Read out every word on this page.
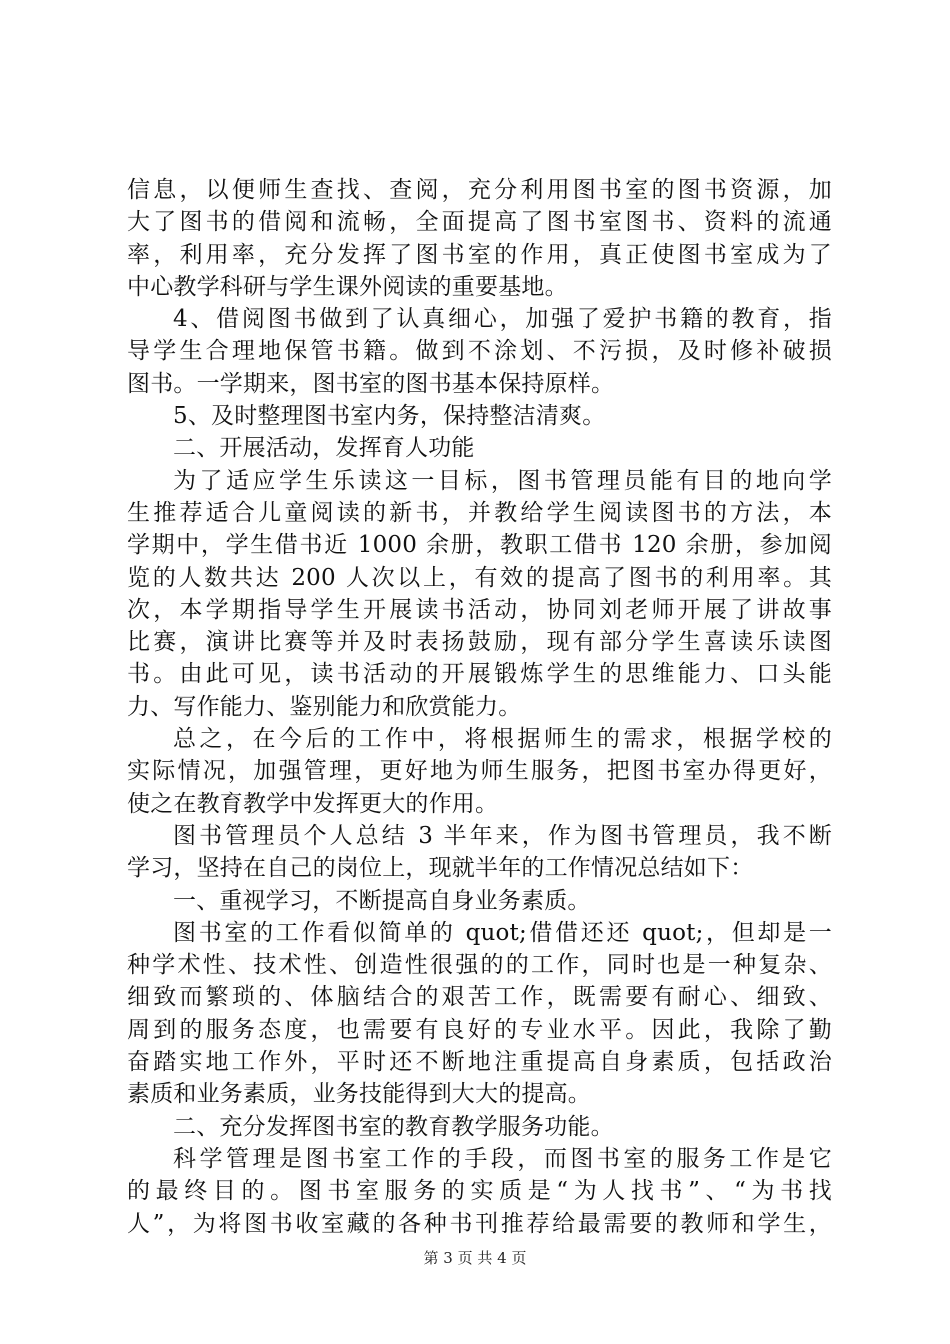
信息，以便师生查找、查阅，充分利用图书室的图书资源，加
大了图书的借阅和流畅，全面提高了图书室图书、资料的流通
率，利用率，充分发挥了图书室的作用，真正使图书室成为了
中心教学科研与学生课外阅读的重要基地。
4、借阅图书做到了认真细心，加强了爱护书籍的教育，指
导学生合理地保管书籍。做到不涂划、不污损，及时修补破损
图书。一学期来，图书室的图书基本保持原样。
5、及时整理图书室内务，保持整洁清爽。
二、开展活动，发挥育人功能
为了适应学生乐读这一目标，图书管理员能有目的地向学
生推荐适合儿童阅读的新书，并教给学生阅读图书的方法，本
学期中，学生借书近 1000 余册，教职工借书 120 余册，参加阅
览的人数共达 200 人次以上，有效的提高了图书的利用率。其
次，本学期指导学生开展读书活动，协同刘老师开展了讲故事
比赛，演讲比赛等并及时表扬鼓励，现有部分学生喜读乐读图
书。由此可见，读书活动的开展锻炼学生的思维能力、口头能
力、写作能力、鉴别能力和欣赏能力。
总之，在今后的工作中，将根据师生的需求，根据学校的
实际情况，加强管理，更好地为师生服务，把图书室办得更好，
使之在教育教学中发挥更大的作用。
图书管理员个人总结 3 半年来，作为图书管理员，我不断
学习，坚持在自己的岗位上，现就半年的工作情况总结如下：
一、重视学习，不断提高自身业务素质。
图书室的工作看似简单的 quot;借借还还 quot;，但却是一
种学术性、技术性、创造性很强的的工作，同时也是一种复杂、
细致而繁琐的、体脑结合的艰苦工作，既需要有耐心、细致、
周到的服务态度，也需要有良好的专业水平。因此，我除了勤
奋踏实地工作外，平时还不断地注重提高自身素质，包括政治
素质和业务素质，业务技能得到大大的提高。
二、充分发挥图书室的教育教学服务功能。
科学管理是图书室工作的手段，而图书室的服务工作是它
的最终目的。图书室服务的实质是“为人找书”、“为书找
人”，为将图书收室藏的各种书刊推荐给最需要的教师和学生，
第 3 页 共 4 页
